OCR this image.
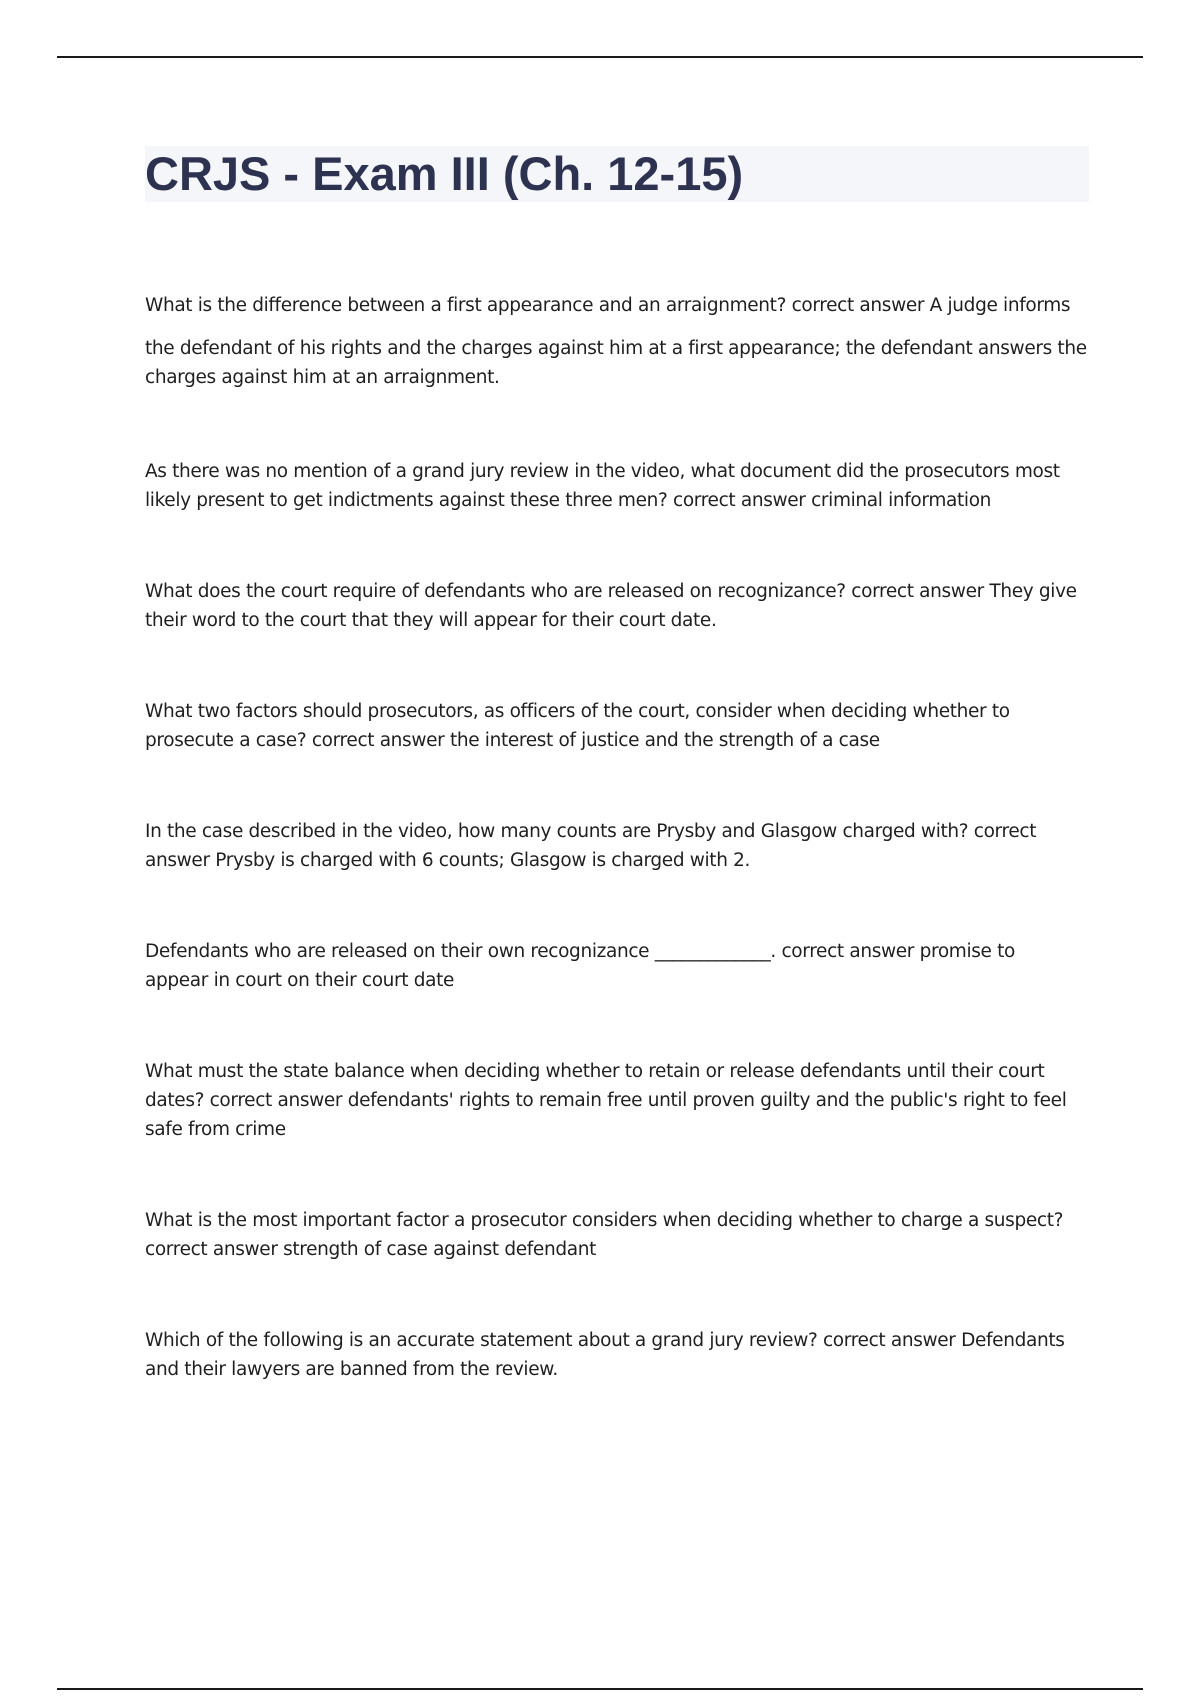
CRJS - Exam III (Ch. 12-15)
What is the difference between a first appearance and an arraignment? correct answer A judge informs
the defendant of his rights and the charges against him at a first appearance; the defendant answers the
charges against him at an arraignment.
As there was no mention of a grand jury review in the video, what document did the prosecutors most
likely present to get indictments against these three men? correct answer criminal information
What does the court require of defendants who are released on recognizance? correct answer They give
their word to the court that they will appear for their court date.
What two factors should prosecutors, as officers of the court, consider when deciding whether to
prosecute a case? correct answer the interest of justice and the strength of a case
In the case described in the video, how many counts are Prysby and Glasgow charged with? correct
answer Prysby is charged with 6 counts; Glasgow is charged with 2.
Defendants who are released on their own recognizance _____________. correct answer promise to
appear in court on their court date
What must the state balance when deciding whether to retain or release defendants until their court
dates? correct answer defendants' rights to remain free until proven guilty and the public's right to feel
safe from crime
What is the most important factor a prosecutor considers when deciding whether to charge a suspect?
correct answer strength of case against defendant
Which of the following is an accurate statement about a grand jury review? correct answer Defendants
and their lawyers are banned from the review.
